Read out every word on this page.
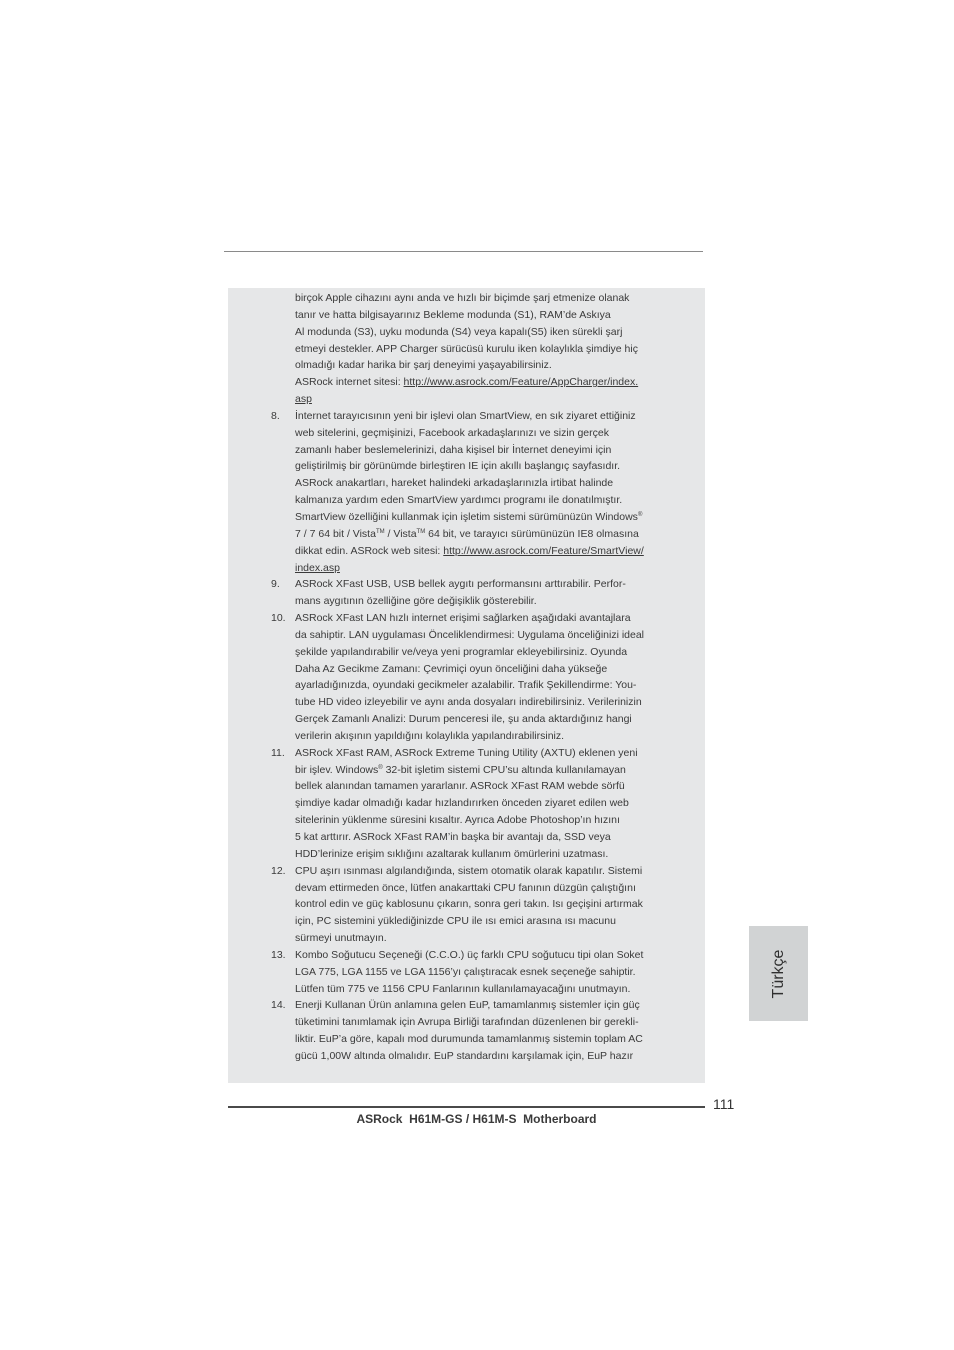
birçok Apple cihazını aynı anda ve hızlı bir biçimde şarj etmenize olanak
tanır ve hatta bilgisayarınız Bekleme modunda (S1), RAM’de Askıya
Al modunda (S3), uyku modunda (S4) veya kapalı(S5) iken sürekli şarj
etmeyi destekler. APP Charger sürücüsü kurulu iken kolaylıkla şimdiye hiç
olmadığı kadar harika bir şarj deneyimi yaşayabilirsiniz.
ASRock internet sitesi: http://www.asrock.com/Feature/AppCharger/index.
asp
8. İnternet tarayıcısının yeni bir işlevi olan SmartView, en sık ziyaret ettiğiniz
web sitelerini, geçmişinizi, Facebook arkadaşlarınızı ve sizin gerçek
zamanlı haber beslemelerinizi, daha kişisel bir İnternet deneyimi için
geliştirilmiş bir görünümde birleştiren IE için akıllı başlangıç sayfasıdır.
ASRock anakartları, hareket halindeki arkadaşlarınızla irtibat halinde
kalmanıza yardım eden SmartView yardımcı programı ile donatılmıştır.
SmartView özelliğini kullanmak için işletim sistemi sürümünüzün Windows®
7 / 7 64 bit / Vista™ / Vista™ 64 bit, ve tarayıcı sürümünüzün IE8 olmasına
dikkat edin. ASRock web sitesi: http://www.asrock.com/Feature/SmartView/
index.asp
9. ASRock XFast USB, USB bellek aygıtı performansını arttırabilir. Perfor-
mans aygıtının özelliğine göre değişiklik gösterebilir.
10. ASRock XFast LAN hızlı internet erişimi sağlarken aşağıdaki avantajlara
da sahiptir. LAN uygulaması Önceliklendirmesi: Uygulama önceliğinizi ideal
şekilde yapılandırabilir ve/veya yeni programlar ekleyebilirsiniz. Oyunda
Daha Az Gecikme Zamanı: Çevrimiçi oyun önceliğini daha yükseğe
ayarladığınızda, oyundaki gecikmeler azalabilir. Trafik Şekillendirme: You-
tube HD video izleyebilir ve aynı anda dosyaları indirebilirsiniz. Verilerinizin
Gerçek Zamanlı Analizi: Durum penceresi ile, şu anda aktardığınız hangi
verilerin akışının yapıldığını kolaylıkla yapılandırabilirsiniz.
11. ASRock XFast RAM, ASRock Extreme Tuning Utility (AXTU) eklenen yeni
bir işlev. Windows® 32-bit işletim sistemi CPU’su altında kullanılamayan
bellek alanından tamamen yararlanır. ASRock XFast RAM webde sörfü
şimdiye kadar olmadığı kadar hızlandırırken önceden ziyaret edilen web
sitelerinin yüklenme süresini kısaltır. Ayrıca Adobe Photoshop’ın hızını
5 kat arttırır. ASRock XFast RAM’in başka bir avantajı da, SSD veya
HDD’lerinize erişim sıklığını azaltarak kullanım ömürlerini uzatması.
12. CPU aşırı ısınması algılandığında, sistem otomatik olarak kapatılır. Sistemi
devam ettirmeden önce, lütfen anakarttaki CPU fanının düzgün çalıştığını
kontrol edin ve güç kablosunu çıkarın, sonra geri takın. Isı geçişini artırmak
için, PC sistemini yüklediğinizde CPU ile ısı emici arasına ısı macunu
sürmeyi unutmayın.
13. Kombo Soğutucu Seçeneği (C.C.O.) üç farklı CPU soğutucu tipi olan Soket
LGA 775, LGA 1155 ve LGA 1156’yı çalıştıracak esnek seçeneğe sahiptir.
Lütfen tüm 775 ve 1156 CPU Fanlarının kullanılamayacağını unutmayın.
14. Enerji Kullanan Ürün anlamına gelen EuP, tamamlanmış sistemler için güç
tüketimini tanımlamak için Avrupa Birliği tarafından düzenlenen bir gerekli-
liktir. EuP’a göre, kapalı mod durumunda tamamlanmış sistemin toplam AC
gücü 1,00W altında olmalıdır. EuP standardını karşılamak için, EuP hazır
Türkçe
111
ASRock  H61M-GS / H61M-S  Motherboard
